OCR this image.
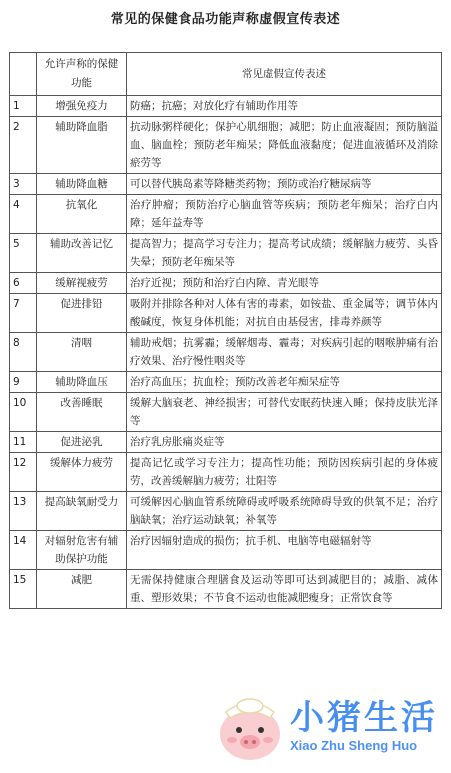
常见的保健食品功能声称虚假宣传表述
	允许声称的保健功能	常见虚假宣传表述
1	增强免疫力	防癌；抗癌；对放化疗有辅助作用等
2	辅助降血脂	抗动脉粥样硬化；保护心肌细胞；减肥；防止血液凝固；预防脑溢血、脑血栓；预防老年痴呆；降低血液黏度；促进血液循环及消除瘀劳等
3	辅助降血糖	可以替代胰岛素等降糖类药物；预防或治疗糖尿病等
4	抗氧化	治疗肿瘤；预防治疗心脑血管等疾病；预防老年痴呆；治疗白内障；延年益寿等
5	辅助改善记忆	提高智力；提高学习专注力；提高考试成绩；缓解脑力疲劳、头昏失晕；预防老年痴呆等
6	缓解视疲劳	治疗近视；预防和治疗白内障、青光眼等
7	促进排铅	吸附并排除各种对人体有害的毒素，如铵盐、重金属等；调节体内酸碱度，恢复身体机能；对抗自由基侵害，排毒养颜等
8	清咽	辅助戒烟；抗雾霾；缓解烟毒、霾毒；对疾病引起的咽喉肿痛有治疗效果、治疗慢性咽炎等
9	辅助降血压	治疗高血压；抗血栓；预防改善老年痴呆症等
10	改善睡眠	缓解大脑衰老、神经损害；可替代安眠药快速入睡；保持皮肤光泽等
11	促进泌乳	治疗乳房胀痛炎症等
12	缓解体力疲劳	提高记忆或学习专注力；提高性功能；预防因疾病引起的身体疲劳，改善缓解脑力疲劳；壮阳等
13	提高缺氧耐受力	可缓解因心脑血管系统障碍或呼吸系统障碍导致的供氧不足；治疗脑缺氧；治疗运动缺氧；补氧等
14	对辐射危害有辅助保护功能	治疗因辐射造成的损伤；抗手机、电脑等电磁辐射等
15	减肥	无需保持健康合理膳食及运动等即可达到减肥目的；减脂、减体重、塑形效果；不节食不运动也能减肥瘦身；正常饮食等
小猪生活
Xiao Zhu Sheng Huo
